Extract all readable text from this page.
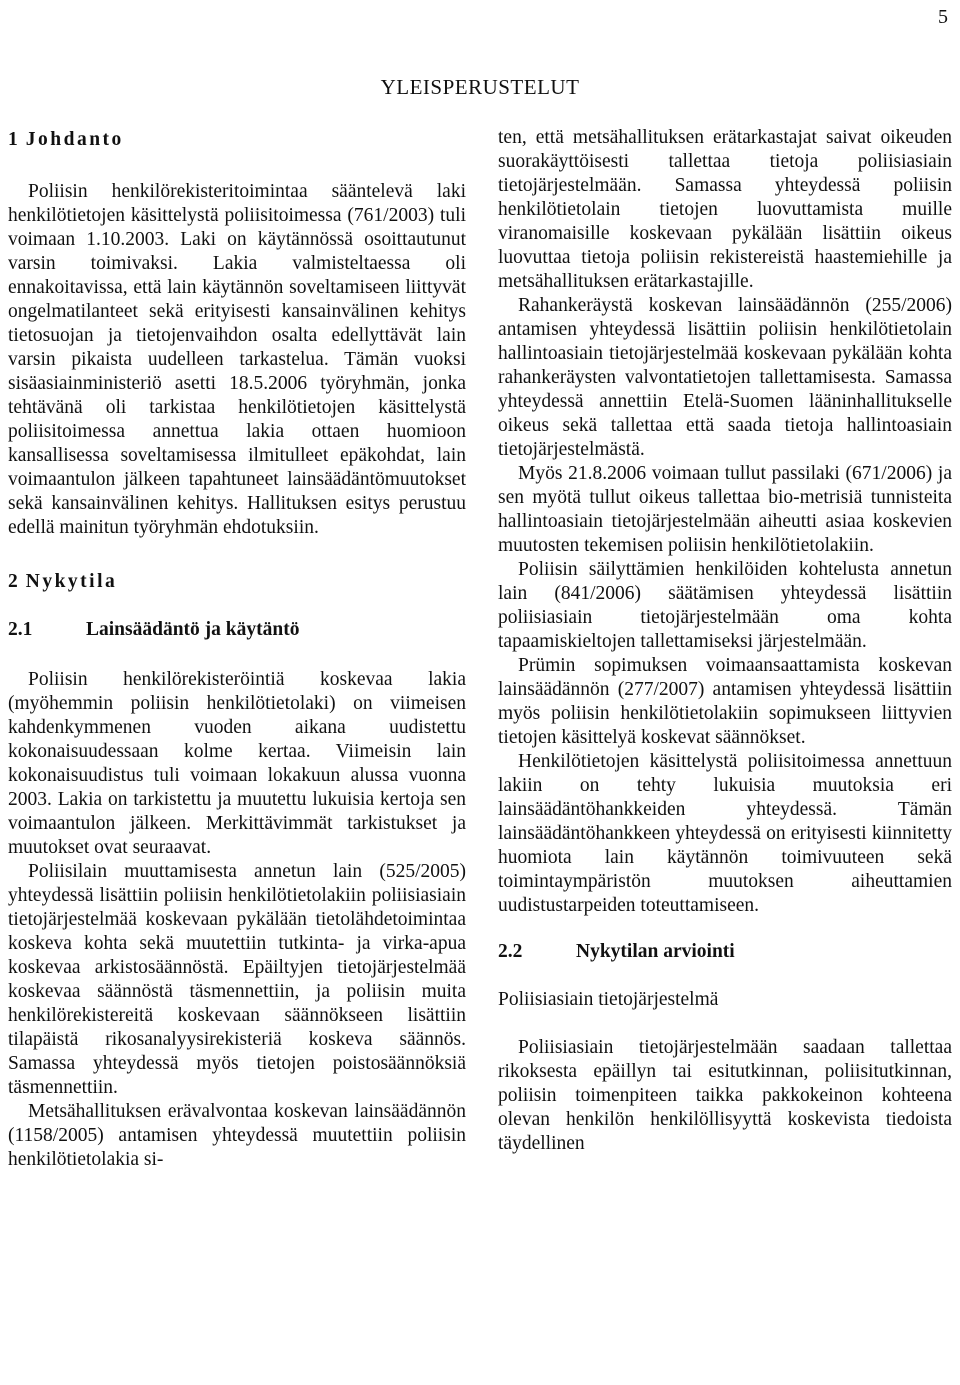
5
YLEISPERUSTELUT
1 Johdanto

Poliisin henkilörekisteritoimintaa sääntelevä laki henkilötietojen käsittelystä poliisitoimessa (761/2003) tuli voimaan 1.10.2003. Laki on käytännössä osoittautunut varsin toimivaksi. Lakia valmisteltaessa oli ennakoitavissa, että lain käytännön soveltamiseen liittyvät ongelmatilanteet sekä erityisesti kansainvälinen kehitys tietosuojan ja tietojenvaihdon osalta edellyttävät lain varsin pikaista uudelleen tarkastelua. Tämän vuoksi sisäasiainministeriö asetti 18.5.2006 työryhmän, jonka tehtävänä oli tarkistaa henkilötietojen käsittelystä poliisitoimessa annettua lakia ottaen huomioon kansallisessa soveltamisessa ilmitulleet epäkohdat, lain voimaantulon jälkeen tapahtuneet lainsäädäntömuutokset sekä kansainvälinen kehitys. Hallituksen esitys perustuu edellä mainitun työryhmän ehdotuksiin.

2 Nykytila
2.1	Lainsäädäntö ja käytäntö

Poliisin henkilörekisteröintiä koskevaa lakia (myöhemmin poliisin henkilötietolaki) on viimeisen kahdenkymmenen vuoden aikana uudistettu kokonaisuudessaan kolme kertaa. Viimeisin lain kokonaisuudistus tuli voimaan lokakuun alussa vuonna 2003. Lakia on tarkistettu ja muutettu lukuisia kertoja sen voimaantulon jälkeen. Merkittävimmät tarkistukset ja muutokset ovat seuraavat.

Poliisilain muuttamisesta annetun lain (525/2005) yhteydessä lisättiin poliisin henkilötietolakiin poliisiasiain tietojärjestelmää koskevaan pykälään tietolähdetoimintaa koskeva kohta sekä muutettiin tutkinta- ja virka-apua koskevaa arkistosäännöstä. Epäiltyjen tietojärjestelmää koskevaa säännöstä täsmennettiin, ja poliisin muita henkilörekistereitä koskevaan säännökseen lisättiin tilapäistä rikosanalyysirekisteriä koskeva säännös. Samassa yhteydessä myös tietojen poistosäännöksiä täsmennettiin.

Metsähallituksen erävalvontaa koskevan lainsäädännön (1158/2005) antamisen yhteydessä muutettiin poliisin henkilötietolakia si-

ten, että metsähallituksen erätarkastajat saivat oikeuden suorakäyttöisesti tallettaa tietoja poliisiasiain tietojärjestelmään. Samassa yhteydessä poliisin henkilötietolain tietojen luovuttamista muille viranomaisille koskevaan pykälään lisättiin oikeus luovuttaa tietoja poliisin rekistereistä haastemiehille ja metsähallituksen erätarkastajille.

Rahankeräystä koskevan lainsäädännön (255/2006) antamisen yhteydessä lisättiin poliisin henkilötietolain hallintoasiain tietojärjestelmää koskevaan pykälään kohta rahankeräysten valvontatietojen tallettamisesta. Samassa yhteydessä annettiin Etelä-Suomen lääninhallitukselle oikeus sekä tallettaa että saada tietoja hallintoasiain tietojärjestelmästä.

Myös 21.8.2006 voimaan tullut passilaki (671/2006) ja sen myötä tullut oikeus tallettaa bio-metrisiä tunnisteita hallintoasiain tietojärjestelmään aiheutti asiaa koskevien muutosten tekemisen poliisin henkilötietolakiin.

Poliisin säilyttämien henkilöiden kohtelusta annetun lain (841/2006) säätämisen yhteydessä lisättiin poliisiasiain tietojärjestelmään oma kohta tapaamiskieltojen tallettamiseksi järjestelmään.

Prümin sopimuksen voimaansaattamista koskevan lainsäädännön (277/2007) antamisen yhteydessä lisättiin myös poliisin henkilötietolakiin sopimukseen liittyvien tietojen käsittelyä koskevat säännökset.

Henkilötietojen käsittelystä poliisitoimessa annettuun lakiin on tehty lukuisia muutoksia eri lainsäädäntöhankkeiden yhteydessä. Tämän lainsäädäntöhankkeen yhteydessä on erityisesti kiinnitetty huomiota lain käytännön toimivuuteen sekä toimintaympäristön muutoksen aiheuttamien uudistustarpeiden toteuttamiseen.

2.2	Nykytilan arviointi
Poliisiasiain tietojärjestelmä

Poliisiasiain tietojärjestelmään saadaan tallettaa rikoksesta epäillyn tai esitutkinnan, poliisitutkinnan, poliisin toimenpiteen taikka pakkokeinon kohteena olevan henkilön henkilöllisyyttä koskevista tiedoista täydellinen
